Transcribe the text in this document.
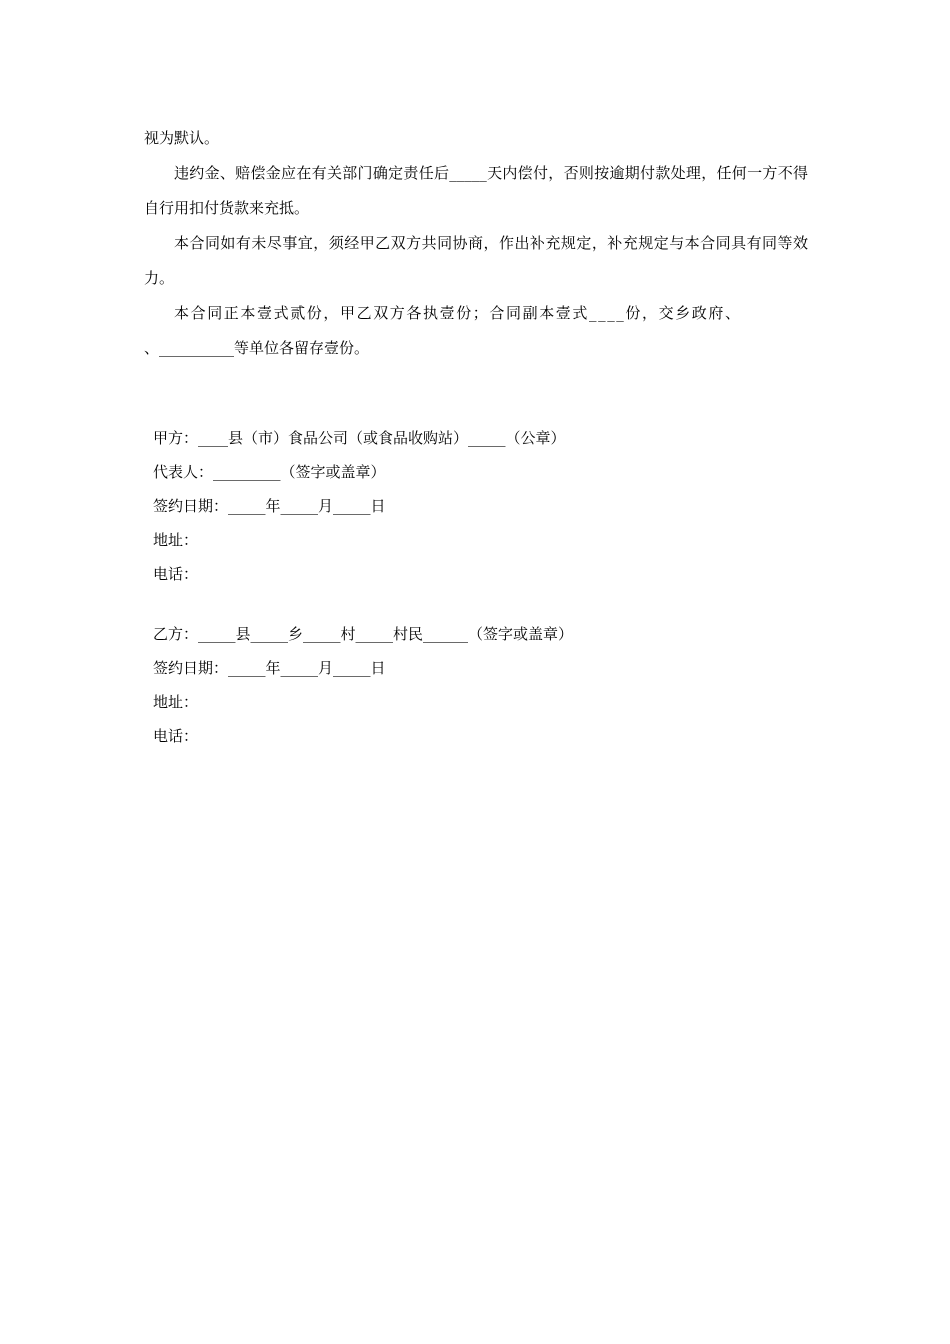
视为默认。

违约金、赔偿金应在有关部门确定责任后_____天内偿付，否则按逾期付款处理，任何一方不得自行用扣付货款来充抵。

本合同如有未尽事宜，须经甲乙双方共同协商，作出补充规定，补充规定与本合同具有同等效力。

本合同正本壹式贰份，甲乙双方各执壹份；合同副本壹式____份，交乡政府、

、__________等单位各留存壹份。

甲方：____县（市）食品公司（或食品收购站）_____（公章）

代表人：_________（签字或盖章）

签约日期：_____年_____月_____日

地址：

电话：

乙方：_____县_____乡_____村_____村民______（签字或盖章）

签约日期：_____年_____月_____日

地址：

电话：
